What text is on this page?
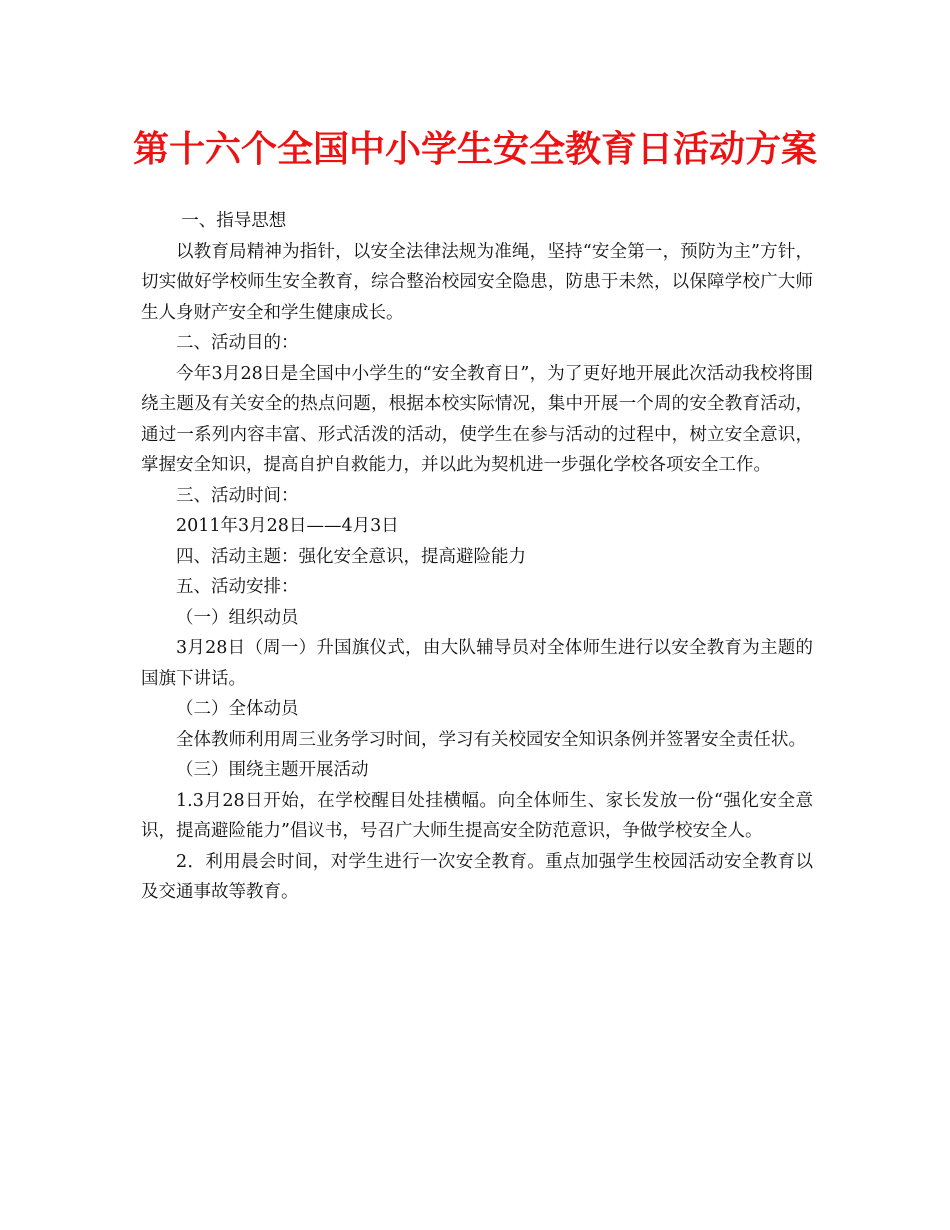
第十六个全国中小学生安全教育日活动方案

一、指导思想

以教育局精神为指针，以安全法律法规为准绳，坚持“安全第一，预防为主”方针，切实做好学校师生安全教育，综合整治校园安全隐患，防患于未然，以保障学校广大师生人身财产安全和学生健康成长。

二、活动目的：

今年3月28日是全国中小学生的“安全教育日”，为了更好地开展此次活动我校将围绕主题及有关安全的热点问题，根据本校实际情况，集中开展一个周的安全教育活动，通过一系列内容丰富、形式活泼的活动，使学生在参与活动的过程中，树立安全意识，掌握安全知识，提高自护自救能力，并以此为契机进一步强化学校各项安全工作。

三、活动时间：

2011年3月28日——4月3日

四、活动主题：强化安全意识，提高避险能力

五、活动安排：

（一）组织动员

3月28日（周一）升国旗仪式，由大队辅导员对全体师生进行以安全教育为主题的国旗下讲话。

（二）全体动员

全体教师利用周三业务学习时间，学习有关校园安全知识条例并签署安全责任状。

（三）围绕主题开展活动

1.3月28日开始，在学校醒目处挂横幅。向全体师生、家长发放一份“强化安全意识，提高避险能力”倡议书，号召广大师生提高安全防范意识，争做学校安全人。

2．利用晨会时间，对学生进行一次安全教育。重点加强学生校园活动安全教育以及交通事故等教育。
